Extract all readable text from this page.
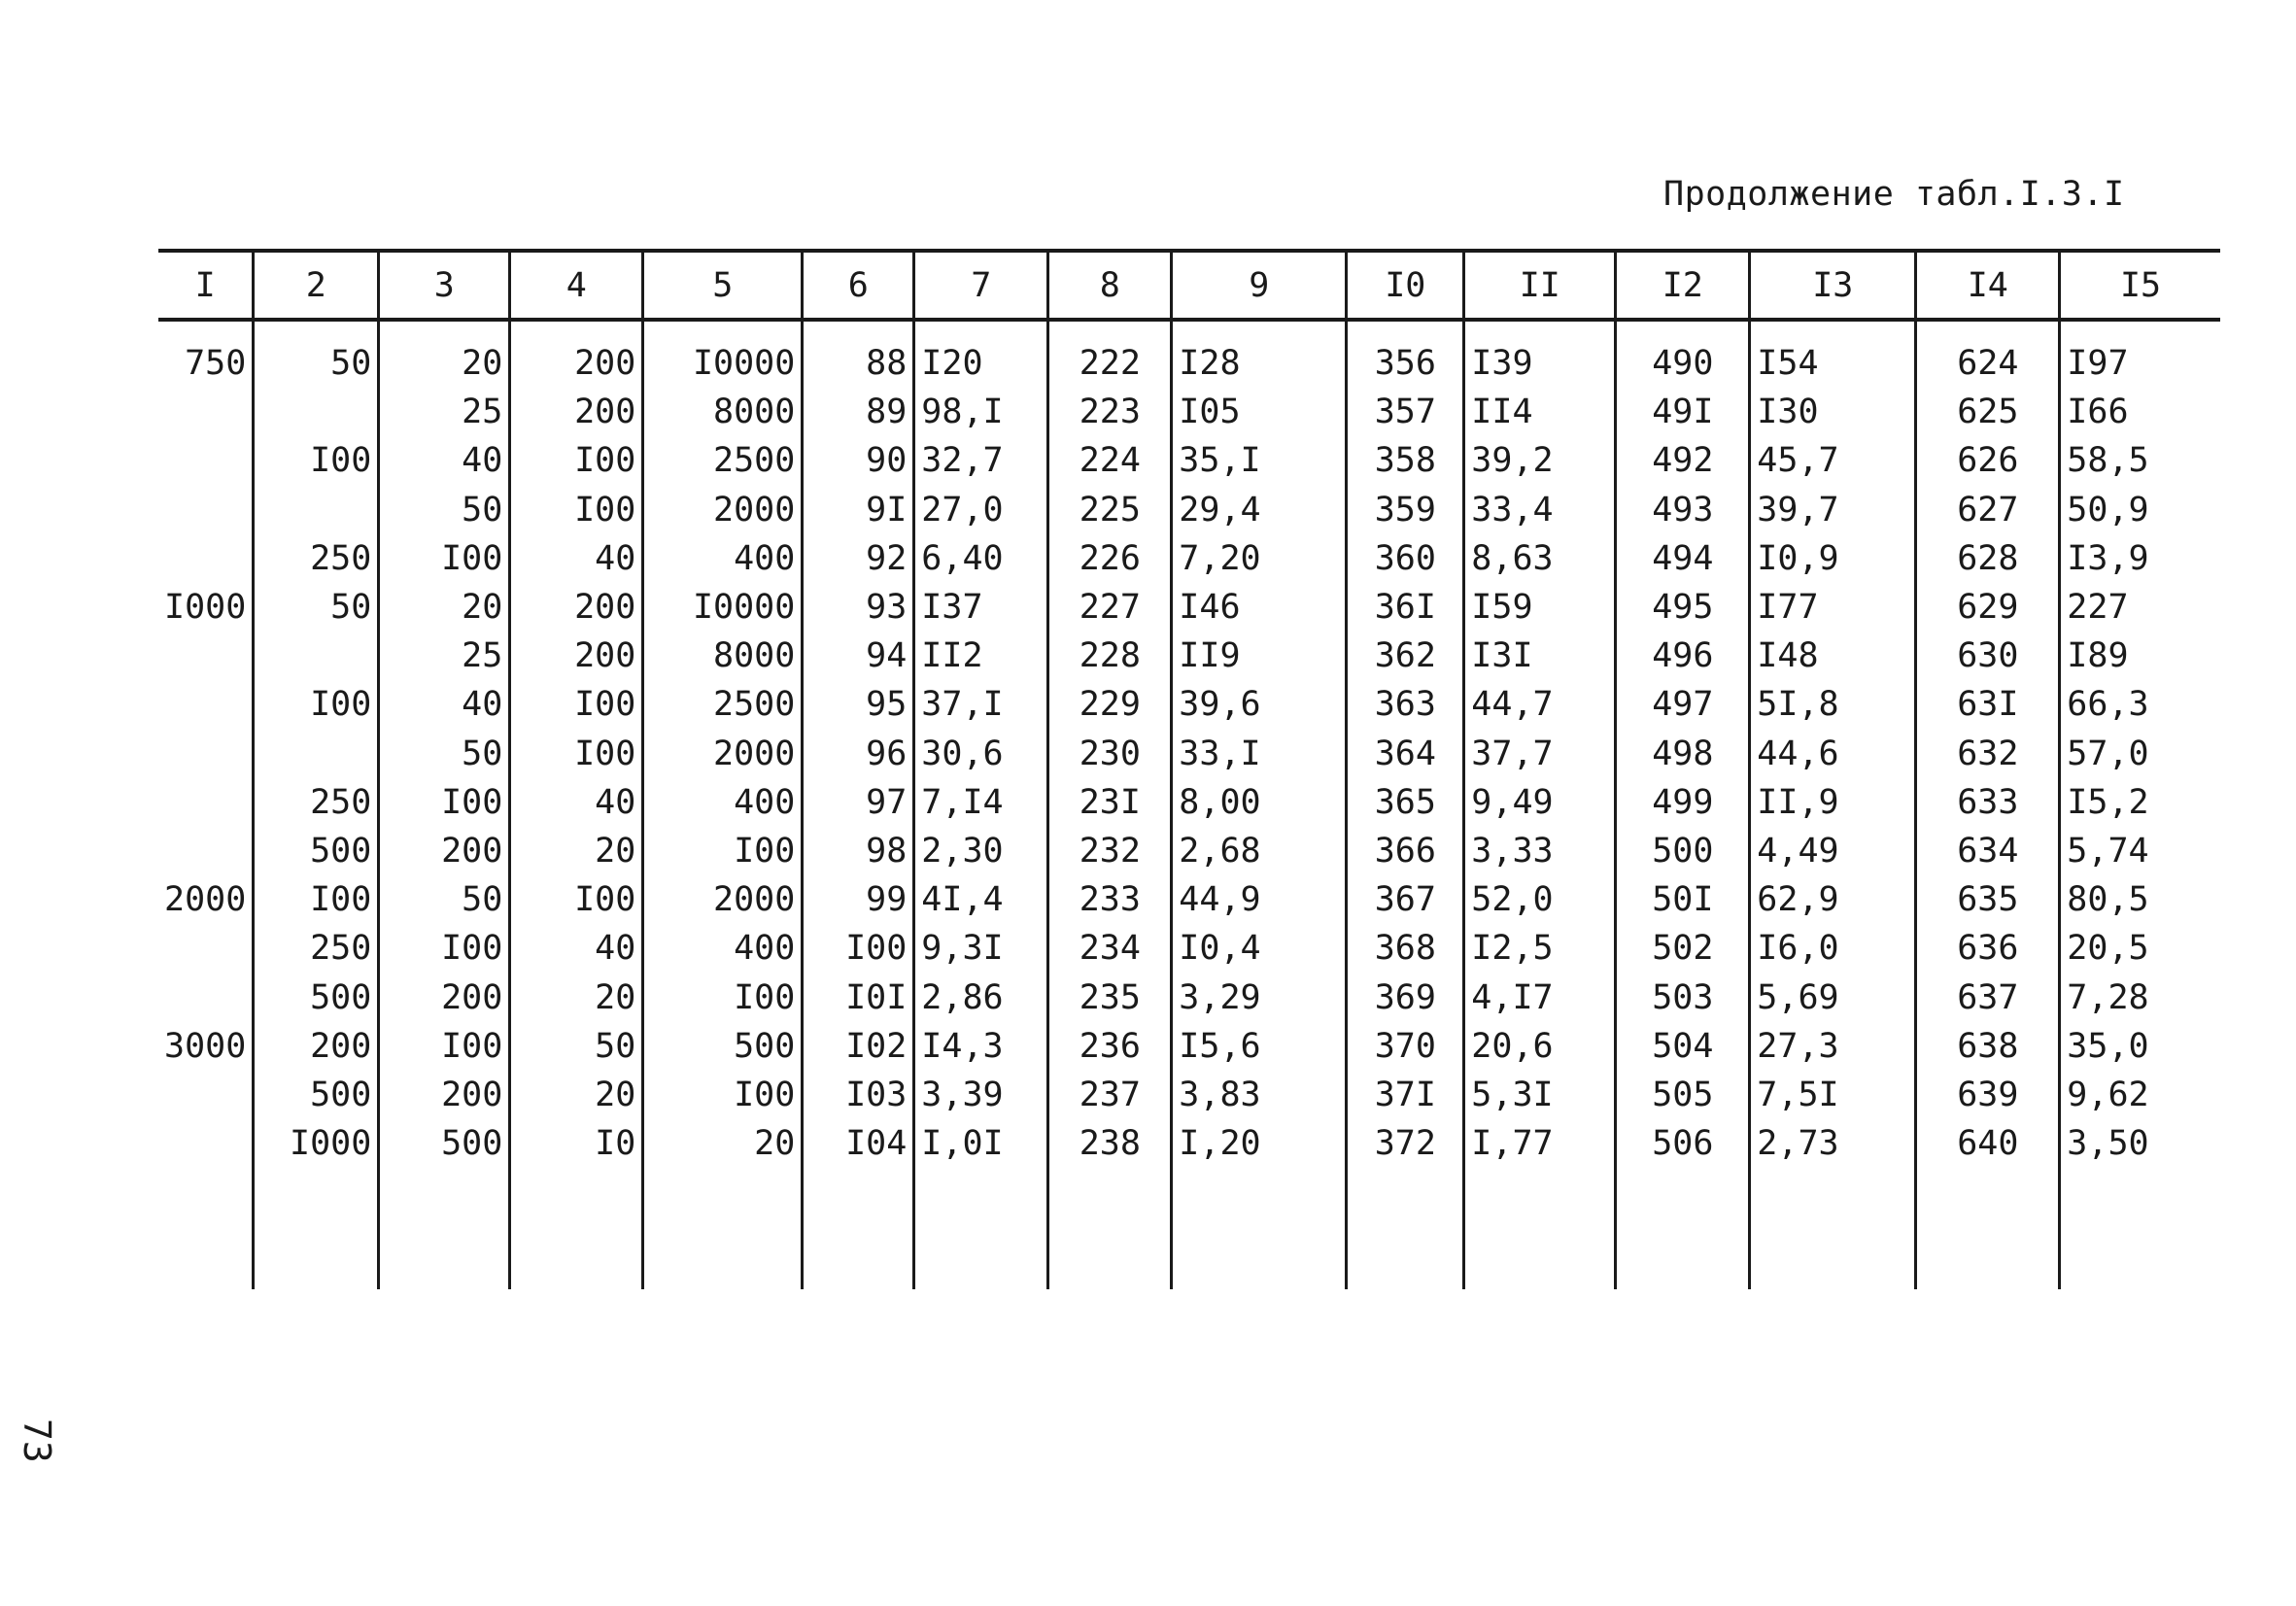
Продолжение табл.I.3.I
I	2	3	4	5	6	7	8	9	I0	II	I2	I3	I4	I5
750	50	20	200	I0000	88	I20	222	I28	356	I39	490	I54	624	I97
		25	200	8000	89	98,I	223	I05	357	II4	49I	I30	625	I66
	I00	40	I00	2500	90	32,7	224	35,I	358	39,2	492	45,7	626	58,5
		50	I00	2000	9I	27,0	225	29,4	359	33,4	493	39,7	627	50,9
	250	I00	40	400	92	6,40	226	7,20	360	8,63	494	I0,9	628	I3,9
I000	50	20	200	I0000	93	I37	227	I46	36I	I59	495	I77	629	227
		25	200	8000	94	II2	228	II9	362	I3I	496	I48	630	I89
	I00	40	I00	2500	95	37,I	229	39,6	363	44,7	497	5I,8	63I	66,3
		50	I00	2000	96	30,6	230	33,I	364	37,7	498	44,6	632	57,0
	250	I00	40	400	97	7,I4	23I	8,00	365	9,49	499	II,9	633	I5,2
	500	200	20	I00	98	2,30	232	2,68	366	3,33	500	4,49	634	5,74
2000	I00	50	I00	2000	99	4I,4	233	44,9	367	52,0	50I	62,9	635	80,5
	250	I00	40	400	I00	9,3I	234	I0,4	368	I2,5	502	I6,0	636	20,5
	500	200	20	I00	I0I	2,86	235	3,29	369	4,I7	503	5,69	637	7,28
3000	200	I00	50	500	I02	I4,3	236	I5,6	370	20,6	504	27,3	638	35,0
	500	200	20	I00	I03	3,39	237	3,83	37I	5,3I	505	7,5I	639	9,62
	I000	500	I0	20	I04	I,0I	238	I,20	372	I,77	506	2,73	640	3,50

73
